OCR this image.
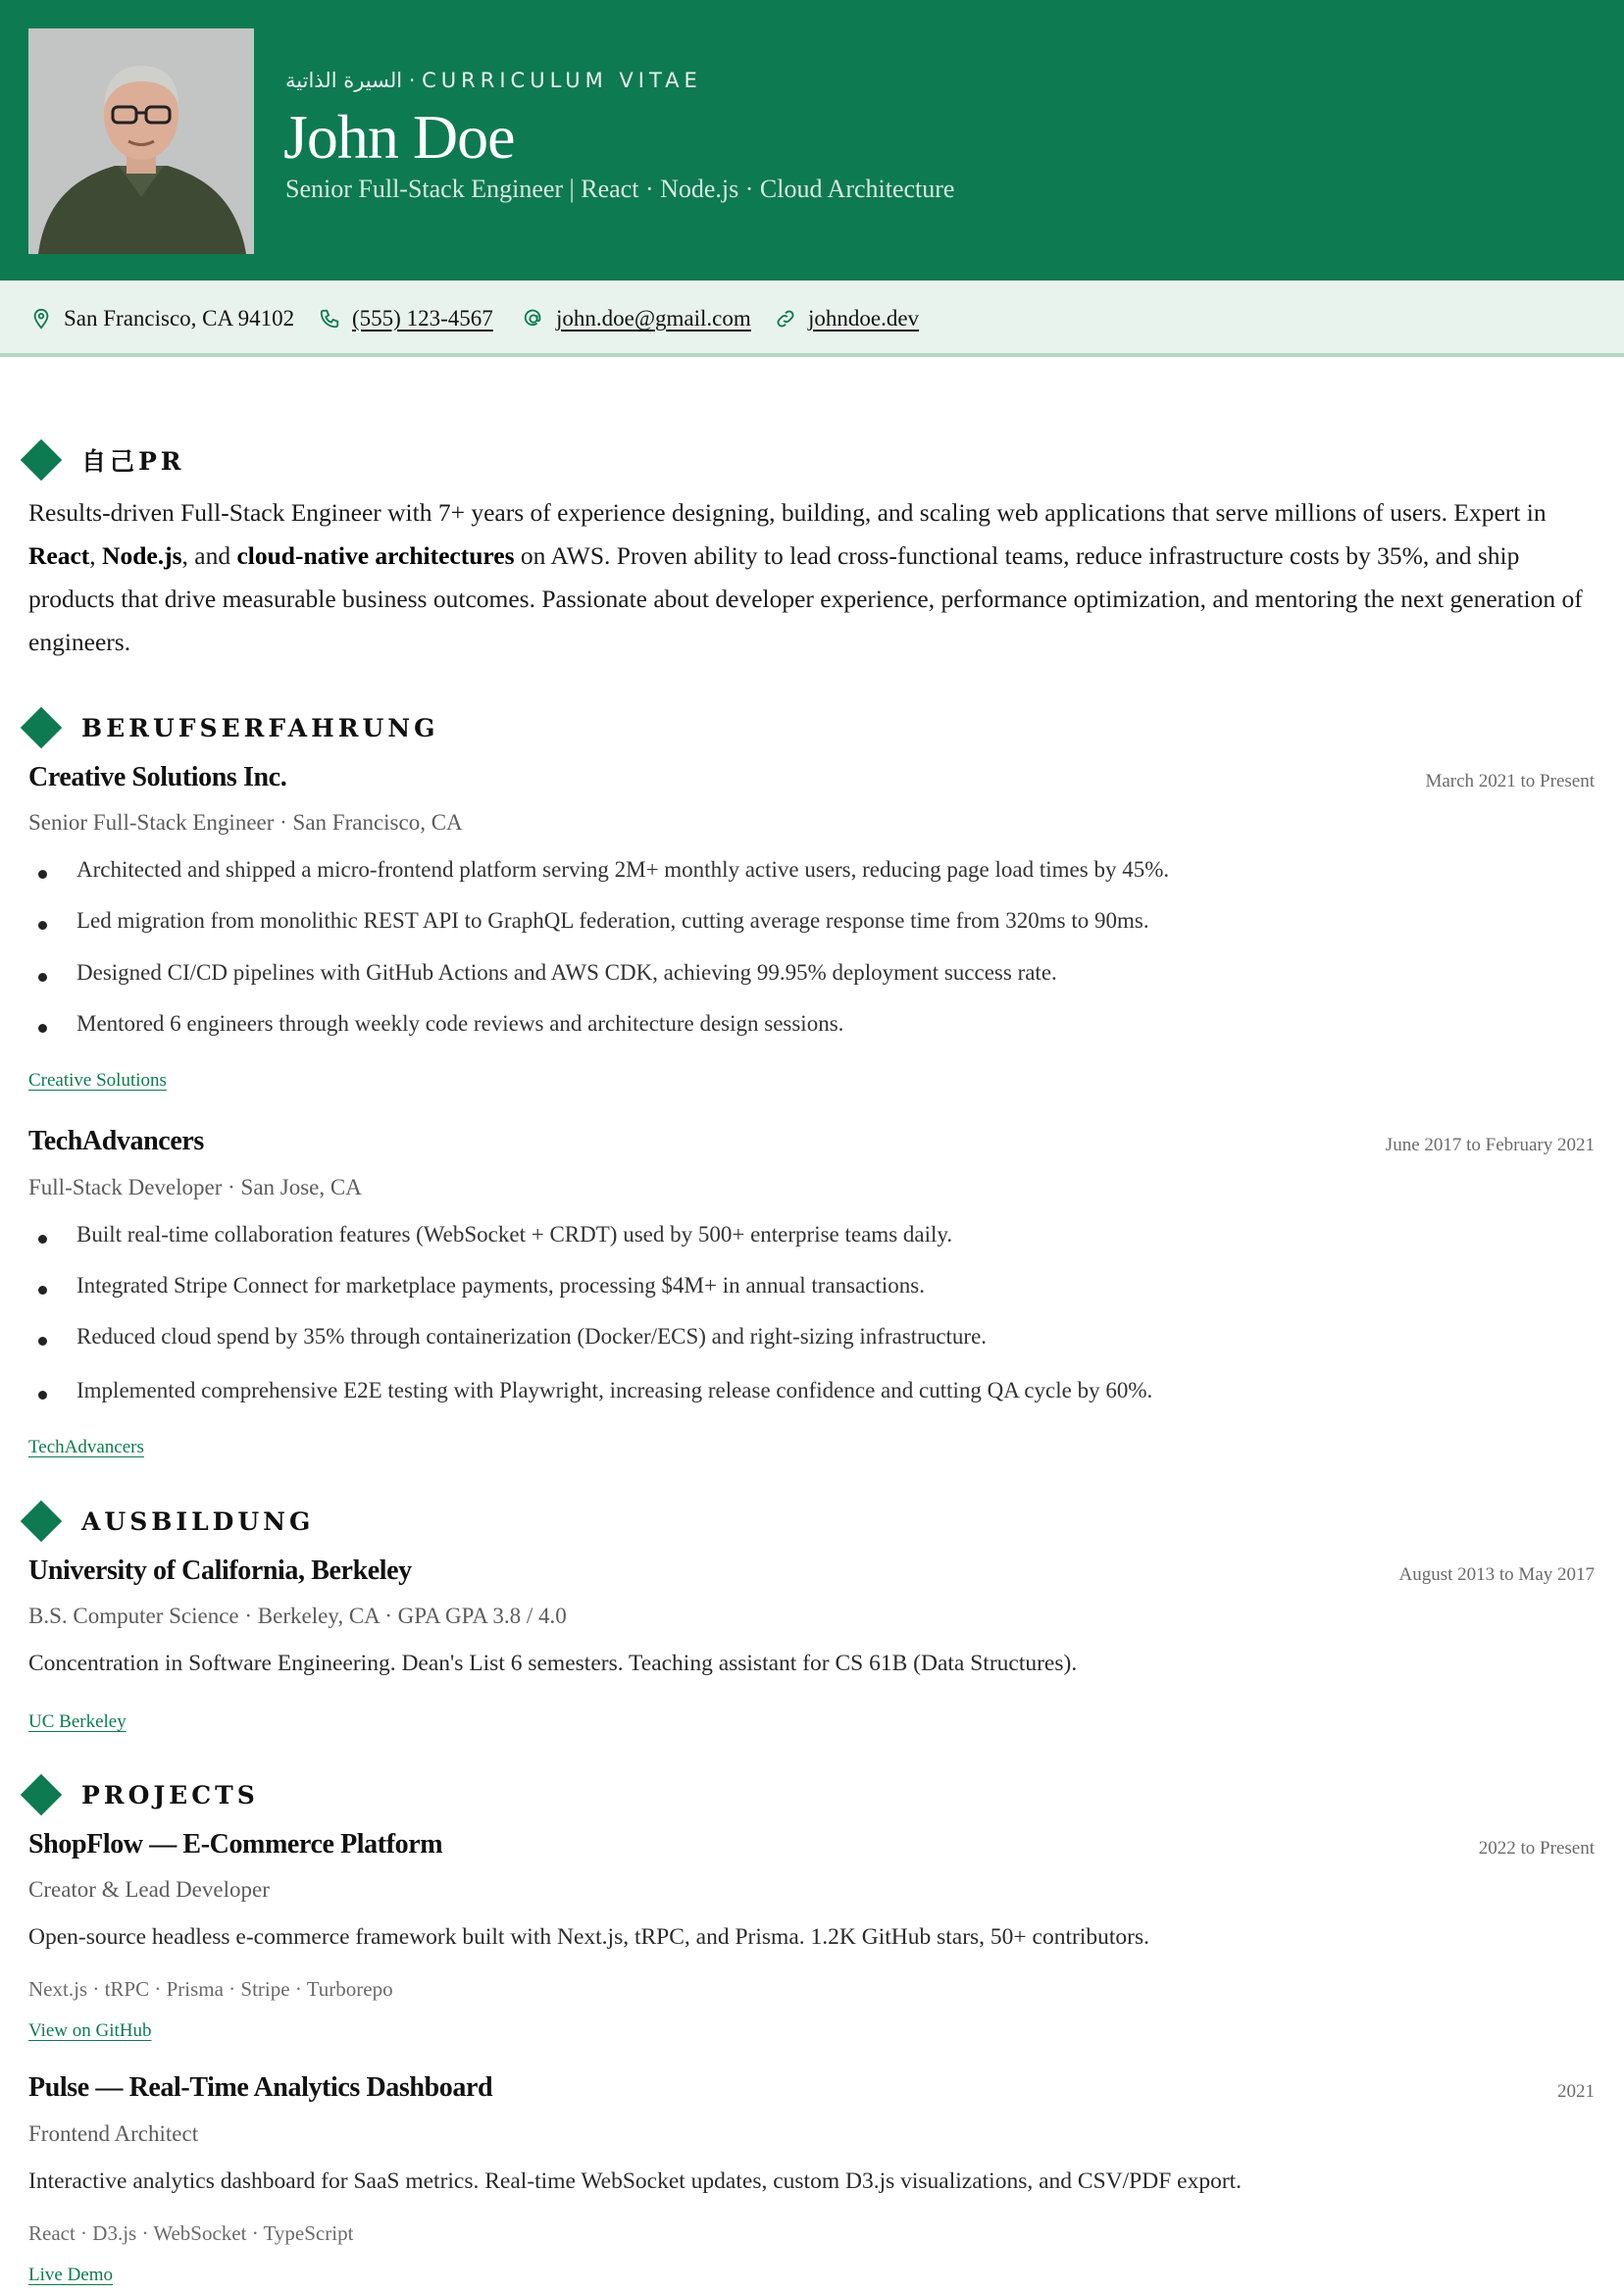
السيرة الذاتية · CURRICULUM VITAE
John Doe
Senior Full-Stack Engineer | React · Node.js · Cloud Architecture
San Francisco, CA 94102	(555) 123-4567	john.doe@gmail.com	johndoe.dev
自己PR
Results-driven Full-Stack Engineer with 7+ years of experience designing, building, and scaling web applications that serve millions of users. Expert in React, Node.js, and cloud-native architectures on AWS. Proven ability to lead cross-functional teams, reduce infrastructure costs by 35%, and ship products that drive measurable business outcomes. Passionate about developer experience, performance optimization, and mentoring the next generation of engineers.
BERUFSERFAHRUNG
Creative Solutions Inc.	March 2021 to Present
Senior Full-Stack Engineer · San Francisco, CA
Architected and shipped a micro-frontend platform serving 2M+ monthly active users, reducing page load times by 45%.
Led migration from monolithic REST API to GraphQL federation, cutting average response time from 320ms to 90ms.
Designed CI/CD pipelines with GitHub Actions and AWS CDK, achieving 99.95% deployment success rate.
Mentored 6 engineers through weekly code reviews and architecture design sessions.
Creative Solutions
TechAdvancers	June 2017 to February 2021
Full-Stack Developer · San Jose, CA
Built real-time collaboration features (WebSocket + CRDT) used by 500+ enterprise teams daily.
Integrated Stripe Connect for marketplace payments, processing $4M+ in annual transactions.
Reduced cloud spend by 35% through containerization (Docker/ECS) and right-sizing infrastructure.
Implemented comprehensive E2E testing with Playwright, increasing release confidence and cutting QA cycle by 60%.
TechAdvancers
AUSBILDUNG
University of California, Berkeley	August 2013 to May 2017
B.S. Computer Science · Berkeley, CA · GPA GPA 3.8 / 4.0
Concentration in Software Engineering. Dean's List 6 semesters. Teaching assistant for CS 61B (Data Structures).
UC Berkeley
PROJECTS
ShopFlow — E-Commerce Platform	2022 to Present
Creator & Lead Developer
Open-source headless e-commerce framework built with Next.js, tRPC, and Prisma. 1.2K GitHub stars, 50+ contributors.
Next.js · tRPC · Prisma · Stripe · Turborepo
View on GitHub
Pulse — Real-Time Analytics Dashboard	2021
Frontend Architect
Interactive analytics dashboard for SaaS metrics. Real-time WebSocket updates, custom D3.js visualizations, and CSV/PDF export.
React · D3.js · WebSocket · TypeScript
Live Demo
